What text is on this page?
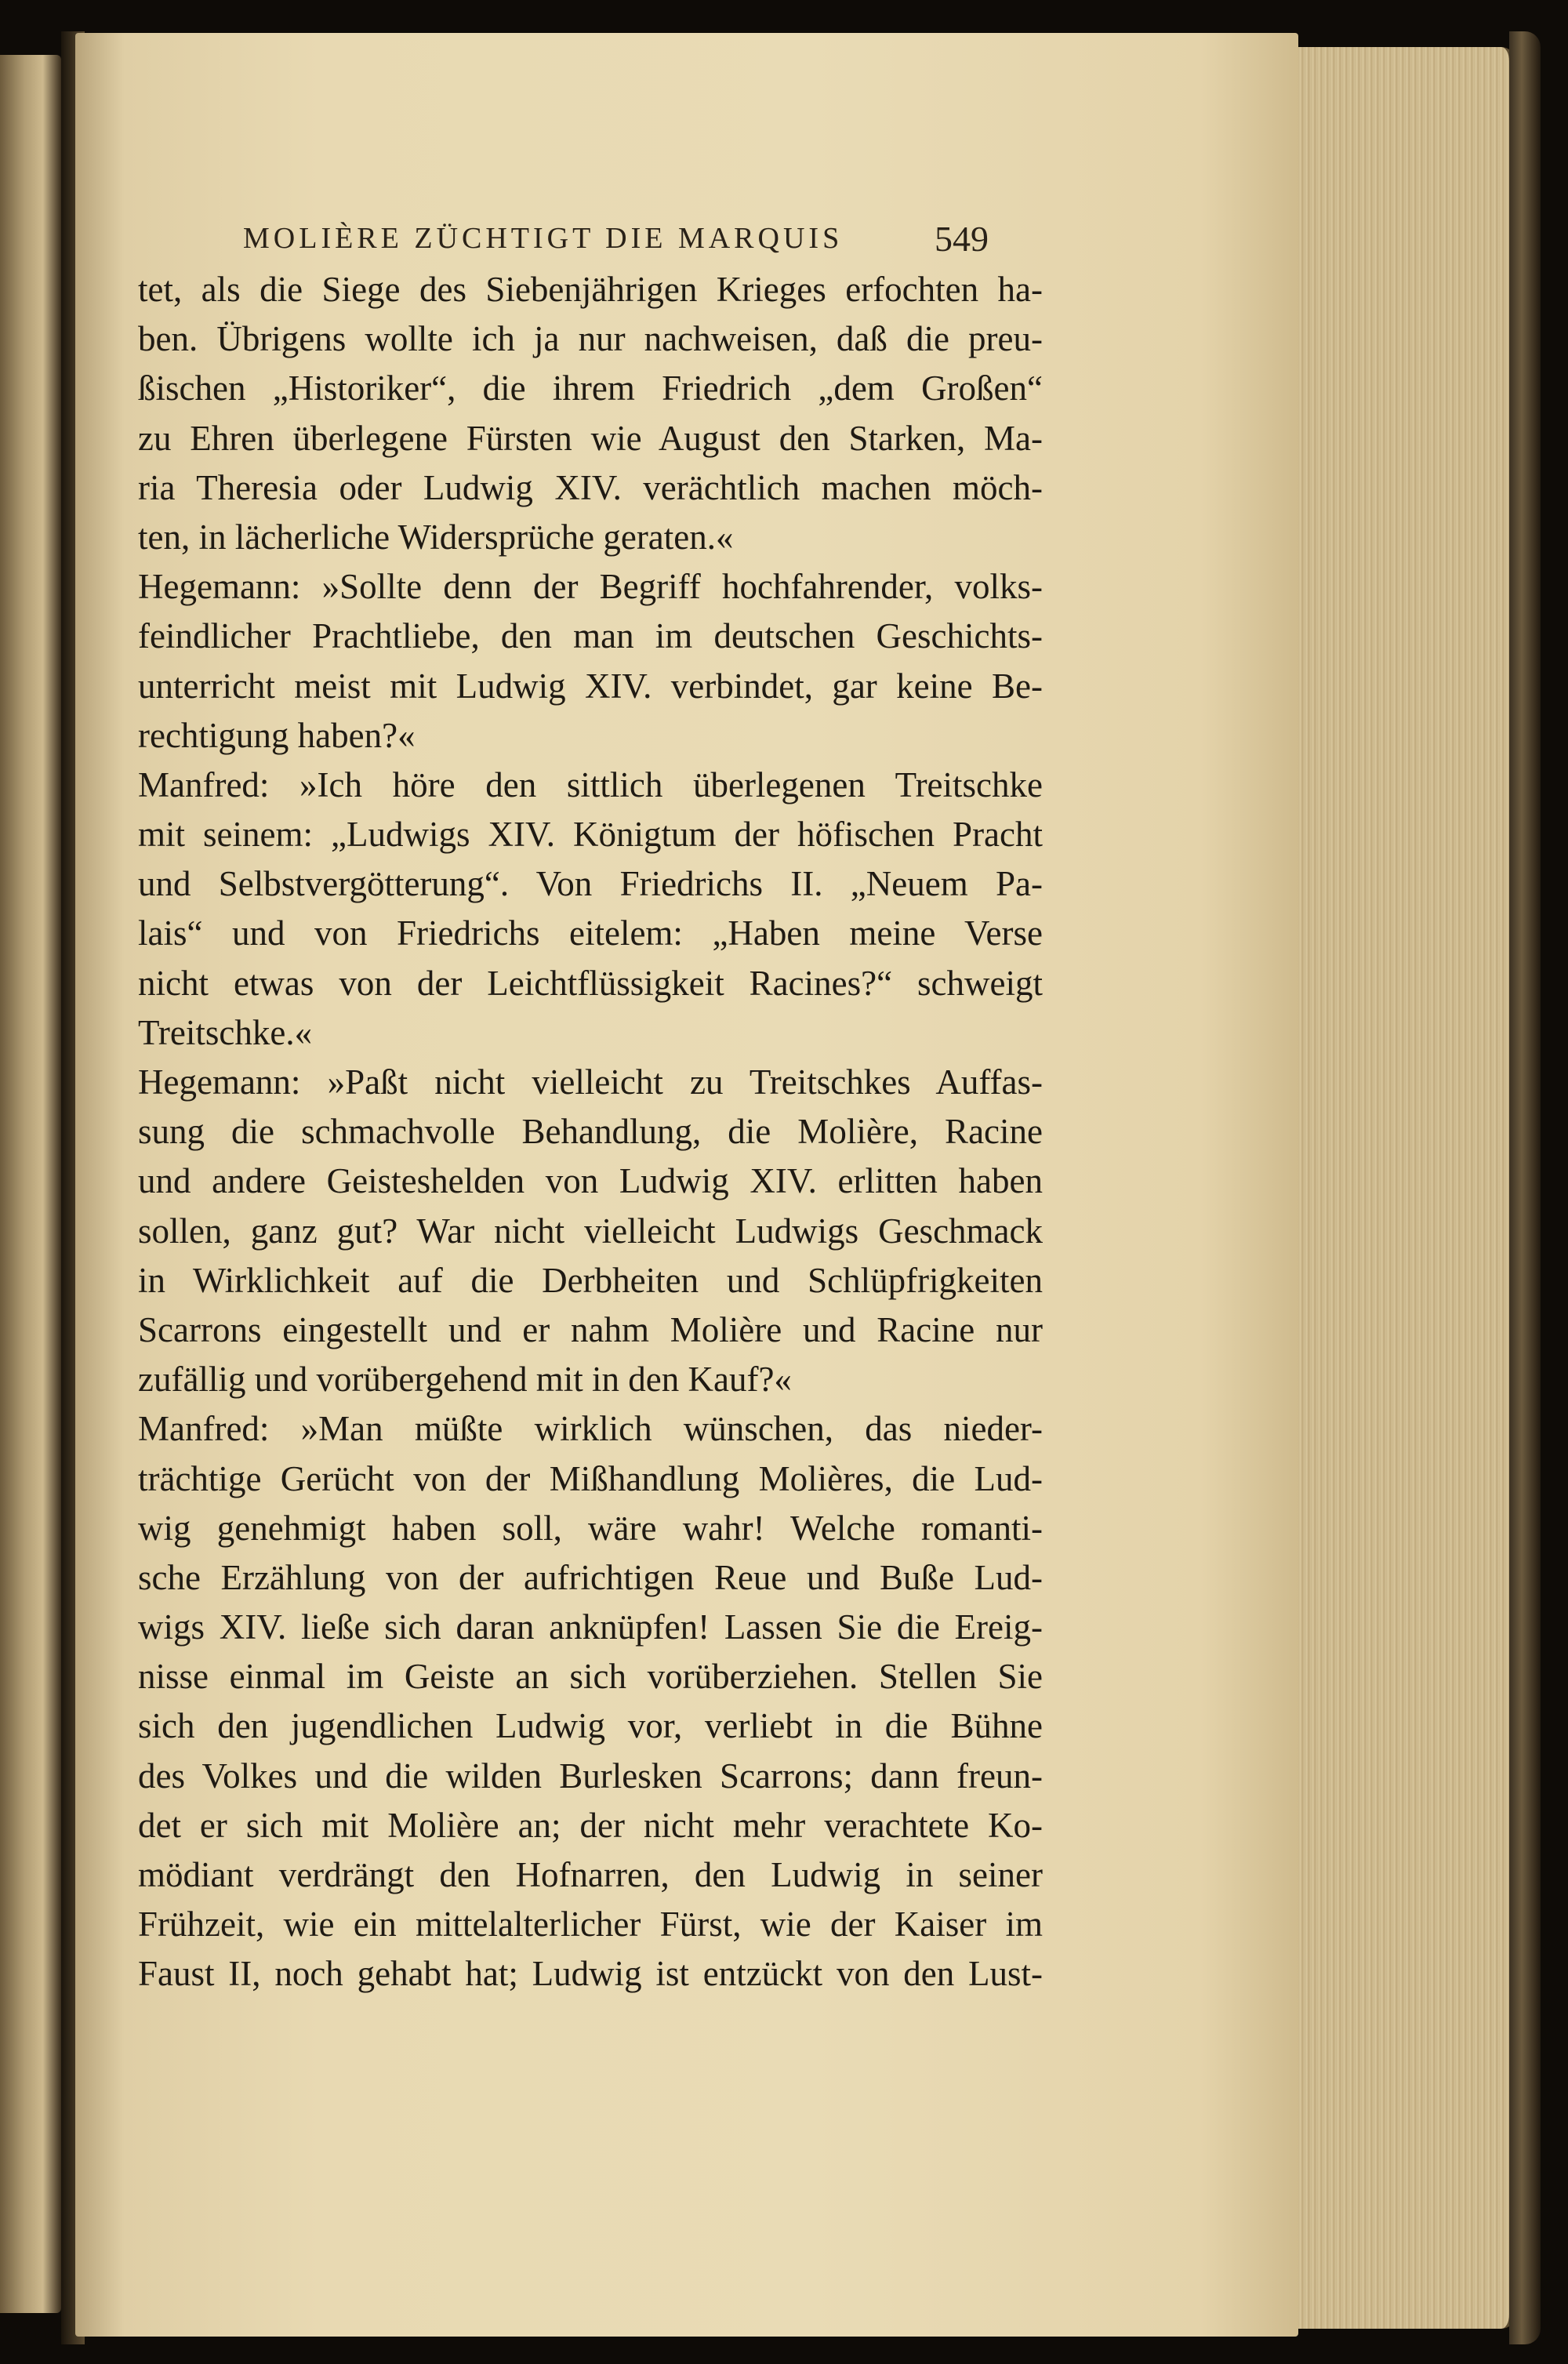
MOLIÈRE ZÜCHTIGT DIE MARQUIS	549
tet, als die Siege des Siebenjährigen Krieges erfochten ha-
ben. Übrigens wollte ich ja nur nachweisen, daß die preu-
ßischen „Historiker“, die ihrem Friedrich „dem Großen“
zu Ehren überlegene Fürsten wie August den Starken, Ma-
ria Theresia oder Ludwig XIV. verächtlich machen möch-
ten, in lächerliche Widersprüche geraten.«
Hegemann: »Sollte denn der Begriff hochfahrender, volks-
feindlicher Prachtliebe, den man im deutschen Geschichts-
unterricht meist mit Ludwig XIV. verbindet, gar keine Be-
rechtigung haben?«
Manfred: »Ich höre den sittlich überlegenen Treitschke
mit seinem: „Ludwigs XIV. Königtum der höfischen Pracht
und Selbstvergötterung“. Von Friedrichs II. „Neuem Pa-
lais“ und von Friedrichs eitelem: „Haben meine Verse
nicht etwas von der Leichtflüssigkeit Racines?“ schweigt
Treitschke.«
Hegemann: »Paßt nicht vielleicht zu Treitschkes Auffas-
sung die schmachvolle Behandlung, die Molière, Racine
und andere Geisteshelden von Ludwig XIV. erlitten haben
sollen, ganz gut? War nicht vielleicht Ludwigs Geschmack
in Wirklichkeit auf die Derbheiten und Schlüpfrigkeiten
Scarrons eingestellt und er nahm Molière und Racine nur
zufällig und vorübergehend mit in den Kauf?«
Manfred: »Man müßte wirklich wünschen, das nieder-
trächtige Gerücht von der Mißhandlung Molières, die Lud-
wig genehmigt haben soll, wäre wahr! Welche romanti-
sche Erzählung von der aufrichtigen Reue und Buße Lud-
wigs XIV. ließe sich daran anknüpfen! Lassen Sie die Ereig-
nisse einmal im Geiste an sich vorüberziehen. Stellen Sie
sich den jugendlichen Ludwig vor, verliebt in die Bühne
des Volkes und die wilden Burlesken Scarrons; dann freun-
det er sich mit Molière an; der nicht mehr verachtete Ko-
mödiant verdrängt den Hofnarren, den Ludwig in seiner
Frühzeit, wie ein mittelalterlicher Fürst, wie der Kaiser im
Faust II, noch gehabt hat; Ludwig ist entzückt von den Lust-
